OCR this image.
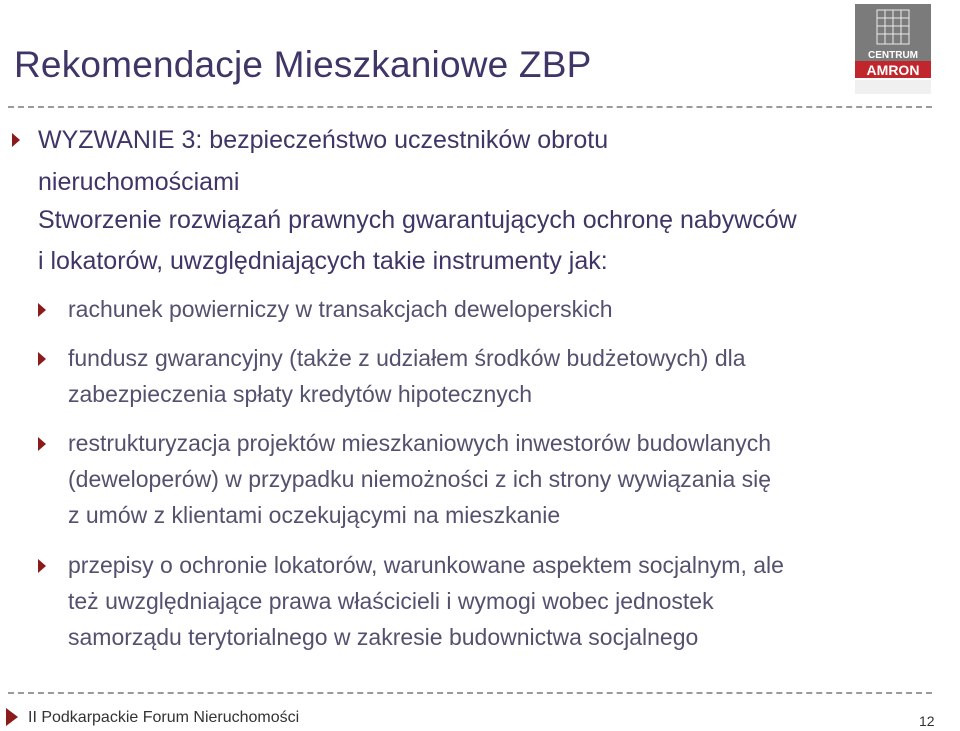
Rekomendacje Mieszkaniowe ZBP	CENTRUM
AMRON
WYZWANIE 3: bezpieczeństwo uczestników obrotu
nieruchomościami
Stworzenie rozwiązań prawnych gwarantujących ochronę nabywców
i lokatorów, uwzględniających takie instrumenty jak:
rachunek powierniczy w transakcjach deweloperskich
fundusz gwarancyjny (także z udziałem środków budżetowych) dla
zabezpieczenia spłaty kredytów hipotecznych
restrukturyzacja projektów mieszkaniowych inwestorów budowlanych
(deweloperów) w przypadku niemożności z ich strony wywiązania się
z umów z klientami oczekującymi na mieszkanie
przepisy o ochronie lokatorów, warunkowane aspektem socjalnym, ale
też uwzględniające prawa właścicieli i wymogi wobec jednostek
samorządu terytorialnego w zakresie budownictwa socjalnego
II Podkarpackie Forum Nieruchomości	12
